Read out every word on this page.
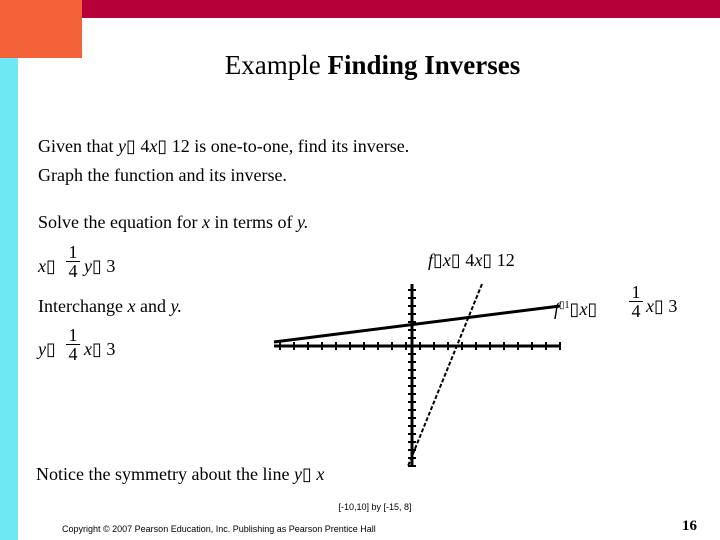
Example Finding Inverses
Given that y▯ 4x▯ 12 is one-to-one, find its inverse.
Graph the function and its inverse.
Solve the equation for x in terms of y.
x▯ $\frac{1}{4}$ y▯ 3
Interchange x and y.
y▯ $\frac{1}{4}$ x▯ 3
f▯x▯ 4x▯ 12
$f^{▯1}▯x▯ \frac{1}{4}$ x▯ 3
[-10,10] by [-15, 8]
Notice the symmetry about the line y▯ x
Copyright © 2007 Pearson Education, Inc. Publishing as Pearson Prentice Hall	16
